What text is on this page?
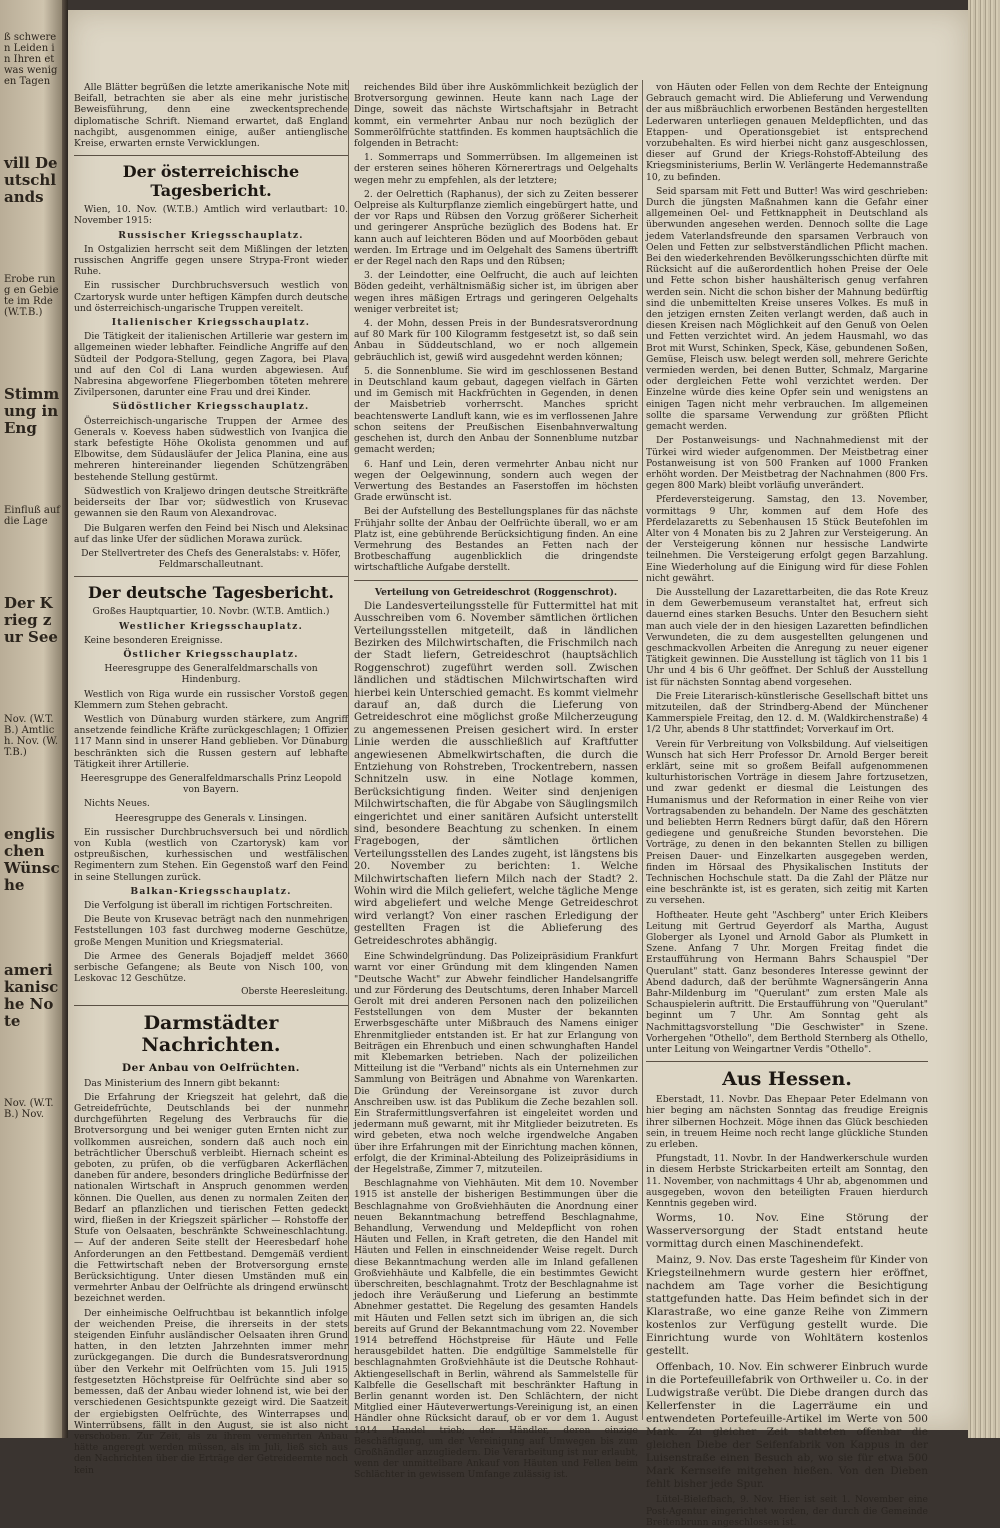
ß schweren Leiden in Ihren etwas wenigen Tagen
vill Deutschlands
Erobe rung en Gebiete im Rde (W.T.B.)
Stimmung in Eng
Einfluß auf die Lage
Der Krieg zur See
Nov. (W.T.B.) Amtlich. Nov. (W.T.B.)
englischen Wünsche
amerikanische Note
Nov. (W.T.B.) Nov.

Alle Blätter begrüßen die letzte amerikanische Note mit Beifall, betrachten sie aber als eine mehr juristische Beweisführung, denn eine zweckentsprechende diplomatische Schrift. Niemand erwartet, daß England nachgibt, ausgenommen einige, außer antienglische Kreise, erwarten ernste Verwicklungen.

Der österreichische Tagesbericht.

Wien, 10. Nov. (W.T.B.) Amtlich wird verlautbart: 10. November 1915:

Russischer Kriegsschauplatz.

In Ostgalizien herrscht seit dem Mißlingen der letzten russischen Angriffe gegen unsere Strypa-Front wieder Ruhe.

Ein russischer Durchbruchsversuch westlich von Czartorysk wurde unter heftigen Kämpfen durch deutsche und österreichisch-ungarische Truppen vereitelt.

Italienischer Kriegsschauplatz.

Die Tätigkeit der italienischen Artillerie war gestern im allgemeinen wieder lebhafter. Feindliche Angriffe auf den Südteil der Podgora-Stellung, gegen Zagora, bei Plava und auf den Col di Lana wurden abgewiesen. Auf Nabresina abgeworfene Fliegerbomben töteten mehrere Zivilpersonen, darunter eine Frau und drei Kinder.

Südöstlicher Kriegsschauplatz.

Österreichisch-ungarische Truppen der Armee des Generals v. Koevess haben südwestlich von Ivanjica die stark befestigte Höhe Okolista genommen und auf Elbowitse, dem Südausläufer der Jelica Planina, eine aus mehreren hintereinander liegenden Schützengräben bestehende Stellung gestürmt.

Südwestlich von Kraljewo dringen deutsche Streitkräfte beiderseits der Ibar vor; südwestlich von Krusevac gewannen sie den Raum von Alexandrovac.

Die Bulgaren werfen den Feind bei Nisch und Aleksinac auf das linke Ufer der südlichen Morawa zurück.

Der Stellvertreter des Chefs des Generalstabs: v. Höfer, Feldmarschalleutnant.

Der deutsche Tagesbericht.

Großes Hauptquartier, 10. Novbr. (W.T.B. Amtlich.)

Westlicher Kriegsschauplatz.

Keine besonderen Ereignisse.

Östlicher Kriegsschauplatz.

Heeresgruppe des Generalfeldmarschalls von Hindenburg.

Westlich von Riga wurde ein russischer Vorstoß gegen Klemmern zum Stehen gebracht.

Westlich von Dünaburg wurden stärkere, zum Angriff ansetzende feindliche Kräfte zurückgeschlagen; 1 Offizier 117 Mann sind in unserer Hand geblieben. Vor Dünaburg beschränkten sich die Russen gestern auf lebhafte Tätigkeit ihrer Artillerie.

Heeresgruppe des Generalfeldmarschalls Prinz Leopold von Bayern.

Nichts Neues.

Heeresgruppe des Generals v. Linsingen.

Ein russischer Durchbruchsversuch bei und nördlich von Kubla (westlich von Czartorysk) kam vor ostpreußischen, kurhessischen und westfälischen Regimentern zum Stehen. Ein Gegenstoß warf den Feind in seine Stellungen zurück.

Balkan-Kriegsschauplatz.

Die Verfolgung ist überall im richtigen Fortschreiten.

Die Beute von Krusevac beträgt nach den nunmehrigen Feststellungen 103 fast durchweg moderne Geschütze, große Mengen Munition und Kriegsmaterial.

Die Armee des Generals Bojadjeff meldet 3660 serbische Gefangene; als Beute von Nisch 100, von Leskovac 12 Geschütze.

Oberste Heeresleitung.

Darmstädter Nachrichten.
Der Anbau von Oelfrüchten.

Das Ministerium des Innern gibt bekannt:

Die Erfahrung der Kriegszeit hat gelehrt, daß die Getreidefrüchte, Deutschlands bei der nunmehr durchgeführten Regelung des Verbrauchs für die Brotversorgung und bei weniger guten Ernten nicht zur vollkommen ausreichen, sondern daß auch noch ein beträchtlicher Überschuß verbleibt. Hiernach scheint es geboten, zu prüfen, ob die verfügbaren Ackerflächen daneben für andere, besonders dringliche Bedürfnisse der nationalen Wirtschaft in Anspruch genommen werden können. Die Quellen, aus denen zu normalen Zeiten der Bedarf an pflanzlichen und tierischen Fetten gedeckt wird, fließen in der Kriegszeit spärlicher — Rohstoffe der Stufe von Oelsaaten, beschränkte Schweineschlachtung. — Auf der anderen Seite stellt der Heeresbedarf hohe Anforderungen an den Fettbestand. Demgemäß verdient die Fettwirtschaft neben der Brotversorgung ernste Berücksichtigung. Unter diesen Umständen muß ein vermehrter Anbau der Oelfrüchte als dringend erwünscht bezeichnet werden.

Der einheimische Oelfruchtbau ist bekanntlich infolge der weichenden Preise, die ihrerseits in der stets steigenden Einfuhr ausländischer Oelsaaten ihren Grund hatten, in den letzten Jahrzehnten immer mehr zurückgegangen. Die durch die Bundesratsverordnung über den Verkehr mit Oelfrüchten vom 15. Juli 1915 festgesetzten Höchstpreise für Oelfrüchte sind aber so bemessen, daß der Anbau wieder lohnend ist, wie bei der verschiedenen Gesichtspunkte gezeigt wird. Die Saatzeit der ergiebigsten Oelfrüchte, des Winterrapses und Winterrübsens, fällt in den August, sie ist also nicht verschoben. Zur Zeit, als zu ihrem vermehrten Anbau hätte angeregt werden müssen, als im Juli, ließ sich aus den Nachrichten über die Erträge der Getreideernte noch kein

reichendes Bild über ihre Auskömmlichkeit bezüglich der Brotversorgung gewinnen. Heute kann nach Lage der Dinge, soweit das nächste Wirtschaftsjahr in Betracht kommt, ein vermehrter Anbau nur noch bezüglich der Sommerölfrüchte stattfinden. Es kommen hauptsächlich die folgenden in Betracht:

1. Sommerraps und Sommerrübsen. Im allgemeinen ist der ersteren seines höheren Körnerertrags und Oelgehalts wegen mehr zu empfehlen, als der letztere;

2. der Oelrettich (Raphanus), der sich zu Zeiten besserer Oelpreise als Kulturpflanze ziemlich eingebürgert hatte, und der vor Raps und Rübsen den Vorzug größerer Sicherheit und geringerer Ansprüche bezüglich des Bodens hat. Er kann auch auf leichteren Böden und auf Moorböden gebaut werden. Im Ertrage und im Oelgehalt des Samens übertrifft er der Regel nach den Raps und den Rübsen;

3. der Leindotter, eine Oelfrucht, die auch auf leichten Böden gedeiht, verhältnismäßig sicher ist, im übrigen aber wegen ihres mäßigen Ertrags und geringeren Oelgehalts weniger verbreitet ist;

4. der Mohn, dessen Preis in der Bundesratsverordnung auf 80 Mark für 100 Kilogramm festgesetzt ist, so daß sein Anbau in Süddeutschland, wo er noch allgemein gebräuchlich ist, gewiß wird ausgedehnt werden können;

5. die Sonnenblume. Sie wird im geschlossenen Bestand in Deutschland kaum gebaut, dagegen vielfach in Gärten und im Gemisch mit Hackfrüchten in Gegenden, in denen der Maisbetrieb vorherrscht. Manches spricht beachtenswerte Landluft kann, wie es im verflossenen Jahre schon seitens der Preußischen Eisenbahnverwaltung geschehen ist, durch den Anbau der Sonnenblume nutzbar gemacht werden;

6. Hanf und Lein, deren vermehrter Anbau nicht nur wegen der Oelgewinnung, sondern auch wegen der Verwertung des Bestandes an Faserstoffen im höchsten Grade erwünscht ist.

Bei der Aufstellung des Bestellungsplanes für das nächste Frühjahr sollte der Anbau der Oelfrüchte überall, wo er am Platz ist, eine gebührende Berücksichtigung finden. An eine Vermehrung des Bestandes an Fetten nach der Brotbeschaffung augenblicklich die dringendste wirtschaftliche Aufgabe derstellt.

Verteilung von Getreideschrot (Roggenschrot).

Die Landesverteilungsstelle für Futtermittel hat mit Ausschreiben vom 6. November sämtlichen örtlichen Verteilungsstellen mitgeteilt, daß in ländlichen Bezirken des Milchwirtschaften, die Frischmilch nach der Stadt liefern, Getreideschrot (hauptsächlich Roggenschrot) zugeführt werden soll. Zwischen ländlichen und städtischen Milchwirtschaften wird hierbei kein Unterschied gemacht. Es kommt vielmehr darauf an, daß durch die Lieferung von Getreideschrot eine möglichst große Milcherzeugung zu angemessenen Preisen gesichert wird. In erster Linie werden die ausschließlich auf Kraftfutter angewiesenen Abmelkwirtschaften, die durch die Entziehung von Rohstreben, Trockentrebern, nassen Schnitzeln usw. in eine Notlage kommen, Berücksichtigung finden. Weiter sind denjenigen Milchwirtschaften, die für Abgabe von Säuglingsmilch eingerichtet und einer sanitären Aufsicht unterstellt sind, besondere Beachtung zu schenken. In einem Fragebogen, der sämtlichen örtlichen Verteilungsstellen des Landes zugeht, ist längstens bis 20. November zu berichten: 1. Welche Milchwirtschaften liefern Milch nach der Stadt? 2. Wohin wird die Milch geliefert, welche tägliche Menge wird abgeliefert und welche Menge Getreideschrot wird verlangt? Von einer raschen Erledigung der gestellten Fragen ist die Ablieferung des Getreideschrotes abhängig.

Eine Schwindelgründung. Das Polizeipräsidium Frankfurt warnt vor einer Gründung mit dem klingenden Namen "Deutsche Wacht" zur Abwehr feindlicher Handelsangriffe und zur Förderung des Deutschtums, deren Inhaber Marcell Gerolt mit drei anderen Personen nach den polizeilichen Feststellungen von dem Muster der bekannten Erwerbsgeschäfte unter Mißbrauch des Namens einiger Ehrenmitglieder entstanden ist. Er hat zur Erlangung von Beiträgen ein Ehrenbuch und einen schwunghaften Handel mit Klebemarken betrieben. Nach der polizeilichen Mitteilung ist die "Verband" nichts als ein Unternehmen zur Sammlung von Beiträgen und Abnahme von Warenkarten. Die Gründung der Vereinsorgane ist zuvor durch Anschreiben usw. ist das Publikum die Zeche bezahlen soll. Ein Strafermittlungsverfahren ist eingeleitet worden und jedermann muß gewarnt, mit ihr Mitglieder beizutreten. Es wird gebeten, etwa noch welche irgendwelche Angaben über ihre Erfahrungen mit der Einrichtung machen können, erfolgt, die der Kriminal-Abteilung des Polizeipräsidiums in der Hegelstraße, Zimmer 7, mitzuteilen.

Beschlagnahme von Viehhäuten. Mit dem 10. November 1915 ist anstelle der bisherigen Bestimmungen über die Beschlagnahme von Großviehhäuten die Anordnung einer neuen Bekanntmachung betreffend Beschlagnahme, Behandlung, Verwendung und Meldepflicht von rohen Häuten und Fellen, in Kraft getreten, die den Handel mit Häuten und Fellen in einschneidender Weise regelt. Durch diese Bekanntmachung werden alle im Inland gefallenen Großviehhäute und Kalbfelle, die ein bestimmtes Gewicht überschreiten, beschlagnahmt. Trotz der Beschlagnahme ist jedoch ihre Veräußerung und Lieferung an bestimmte Abnehmer gestattet. Die Regelung des gesamten Handels mit Häuten und Fellen setzt sich im übrigen an, die sich bereits auf Grund der Bekanntmachung vom 22. November 1914 betreffend Höchstpreise für Häute und Felle herausgebildet hatten. Die endgültige Sammelstelle für beschlagnahmten Großviehhäute ist die Deutsche Rohhaut-Aktiengesellschaft in Berlin, während als Sammelstelle für Kalbfelle die Gesellschaft mit beschränkter Haftung in Berlin genannt worden ist. Den Schlächtern, der nicht Mitglied einer Häuteverwertungs-Vereinigung ist, an einen Händler ohne Rücksicht darauf, ob er vor dem 1. August 1914 Handel trieb; der Händler, deren einzige Beschäftigung, um der Vereinigung auf Umwegen bis zum Großhändler anzugliedern. Die Verarbeitung ist nur erlaubt, wenn der unmittelbare Ankauf von Häuten und Fellen beim Schlächter in gewissem Umfange zulässig ist.

von Häuten oder Fellen von dem Rechte der Enteignung Gebrauch gemacht wird. Die Ablieferung und Verwendung der aus mißbräuchlich erworbenen Beständen hergestellten Lederwaren unterliegen genauen Meldepflichten, und das Etappen- und Operationsgebiet ist entsprechend vorzubehalten. Es wird hierbei nicht ganz ausgeschlossen, dieser auf Grund der Kriegs-Rohstoff-Abteilung des Kriegsministeriums, Berlin W. Verlängerte Hedemannstraße 10, zu befinden.

Seid sparsam mit Fett und Butter! Was wird geschrieben: Durch die jüngsten Maßnahmen kann die Gefahr einer allgemeinen Oel- und Fettknappheit in Deutschland als überwunden angesehen werden. Dennoch sollte die Lage jedem Vaterlandsfreunde den sparsamen Verbrauch von Oelen und Fetten zur selbstverständlichen Pflicht machen. Bei den wiederkehrenden Bevölkerungsschichten dürfte mit Rücksicht auf die außerordentlich hohen Preise der Oele und Fette schon bisher haushälterisch genug verfahren werden sein. Nicht die schon bisher der Mahnung bedürftig sind die unbemittelten Kreise unseres Volkes. Es muß in den jetzigen ernsten Zeiten verlangt werden, daß auch in diesen Kreisen nach Möglichkeit auf den Genuß von Oelen und Fetten verzichtet wird. An jedem Hausmahl, wo das Brot mit Wurst, Schinken, Speck, Käse, gebundenen Soßen, Gemüse, Fleisch usw. belegt werden soll, mehrere Gerichte vermieden werden, bei denen Butter, Schmalz, Margarine oder dergleichen Fette wohl verzichtet werden. Der Einzelne würde dies keine Opfer sein und wenigstens an einigen Tagen nicht mehr verbrauchen. Im allgemeinen sollte die sparsame Verwendung zur größten Pflicht gemacht werden.

Der Postanweisungs- und Nachnahmedienst mit der Türkei wird wieder aufgenommen. Der Meistbetrag einer Postanweisung ist von 500 Franken auf 1000 Franken erhöht worden. Der Meistbetrag der Nachnahmen (800 Frs. gegen 800 Mark) bleibt vorläufig unverändert.

Pferdeversteigerung. Samstag, den 13. November, vormittags 9 Uhr, kommen auf dem Hofe des Pferdelazaretts zu Sebenhausen 15 Stück Beutefohlen im Alter von 4 Monaten bis zu 2 Jahren zur Versteigerung. An der Versteigerung können nur hessische Landwirte teilnehmen. Die Versteigerung erfolgt gegen Barzahlung. Eine Wiederholung auf die Einigung wird für diese Fohlen nicht gewährt.

Die Ausstellung der Lazarettarbeiten, die das Rote Kreuz in dem Gewerbemuseum veranstaltet hat, erfreut sich dauernd eines starken Besuchs. Unter den Besuchern sieht man auch viele der in den hiesigen Lazaretten befindlichen Verwundeten, die zu dem ausgestellten gelungenen und geschmackvollen Arbeiten die Anregung zu neuer eigener Tätigkeit gewinnen. Die Ausstellung ist täglich von 11 bis 1 Uhr und 4 bis 6 Uhr geöffnet. Der Schluß der Ausstellung ist für nächsten Sonntag abend vorgesehen.

Die Freie Literarisch-künstlerische Gesellschaft bittet uns mitzuteilen, daß der Strindberg-Abend der Münchener Kammerspiele Freitag, den 12. d. M. (Waldkirchenstraße) 4 1/2 Uhr, abends 8 Uhr stattfindet; Vorverkauf im Ort.

Verein für Verbreitung von Volksbildung. Auf vielseitigen Wunsch hat sich Herr Professor Dr. Arnold Berger bereit erklärt, seine mit so großem Beifall aufgenommenen kulturhistorischen Vorträge in diesem Jahre fortzusetzen, und zwar gedenkt er diesmal die Leistungen des Humanismus und der Reformation in einer Reihe von vier Vortragsabenden zu behandeln. Der Name des geschätzten und beliebten Herrn Redners bürgt dafür, daß den Hörern gediegene und genußreiche Stunden bevorstehen. Die Vorträge, zu denen in den bekannten Stellen zu billigen Preisen Dauer- und Einzelkarten ausgegeben werden, finden im Hörsaal des Physikalischen Instituts der Technischen Hochschule statt. Da die Zahl der Plätze nur eine beschränkte ist, ist es geraten, sich zeitig mit Karten zu versehen.

Hoftheater. Heute geht "Aschberg" unter Erich Kleibers Leitung mit Gertrud Geyerdorf als Martha, August Globerger als Lyonel und Arnold Gabor als Plumkett in Szene. Anfang 7 Uhr. Morgen Freitag findet die Erstaufführung von Hermann Bahrs Schauspiel "Der Querulant" statt. Ganz besonderes Interesse gewinnt der Abend dadurch, daß der berühmte Wagnersängerin Anna Bahr-Mildenburg im "Querulant" zum ersten Male als Schauspielerin auftritt. Die Erstaufführung von "Querulant" beginnt um 7 Uhr. Am Sonntag geht als Nachmittagsvorstellung "Die Geschwister" in Szene. Vorhergehen "Othello", dem Berthold Sternberg als Othello, unter Leitung von Weingartner Verdis "Othello".

Aus Hessen.

Eberstadt, 11. Novbr. Das Ehepaar Peter Edelmann von hier beging am nächsten Sonntag das freudige Ereignis ihrer silbernen Hochzeit. Möge ihnen das Glück beschieden sein, in treuem Heime noch recht lange glückliche Stunden zu erleben.

Pfungstadt, 11. Novbr. In der Handwerkerschule wurden in diesem Herbste Strickarbeiten erteilt am Sonntag, den 11. November, von nachmittags 4 Uhr ab, abgenommen und ausgegeben, wovon den beteiligten Frauen hierdurch Kenntnis gegeben wird.

Worms, 10. Nov. Eine Störung der Wasserversorgung der Stadt entstand heute vormittag durch einen Maschinendefekt.

Mainz, 9. Nov. Das erste Tagesheim für Kinder von Kriegsteilnehmern wurde gestern hier eröffnet, nachdem am Tage vorher die Besichtigung stattgefunden hatte. Das Heim befindet sich in der Klarastraße, wo eine ganze Reihe von Zimmern kostenlos zur Verfügung gestellt wurde. Die Einrichtung wurde von Wohltätern kostenlos gestellt.

Offenbach, 10. Nov. Ein schwerer Einbruch wurde in die Portefeuillefabrik von Orthweiler u. Co. in der Ludwigstraße verübt. Die Diebe drangen durch das Kellerfenster in die Lagerräume ein und entwendeten Portefeuille-Artikel im Werte von 500 Mark. Zu gleicher Zeit statteten offenbar die gleichen Diebe der Seifenfabrik von Kappus in der Luisenstraße einen Besuch ab, wo sie für etwa 500 Mark Kernseife mitgehen hießen. Von den Dieben fehlt bisher jede Spur.

Lütel-Bielefbach, 9. Nov. Hier ist seit 1. November eine Post-Agentur eingerichtet worden, der durch die Gemeinde Breitenbrunn angeschlossen ist.
